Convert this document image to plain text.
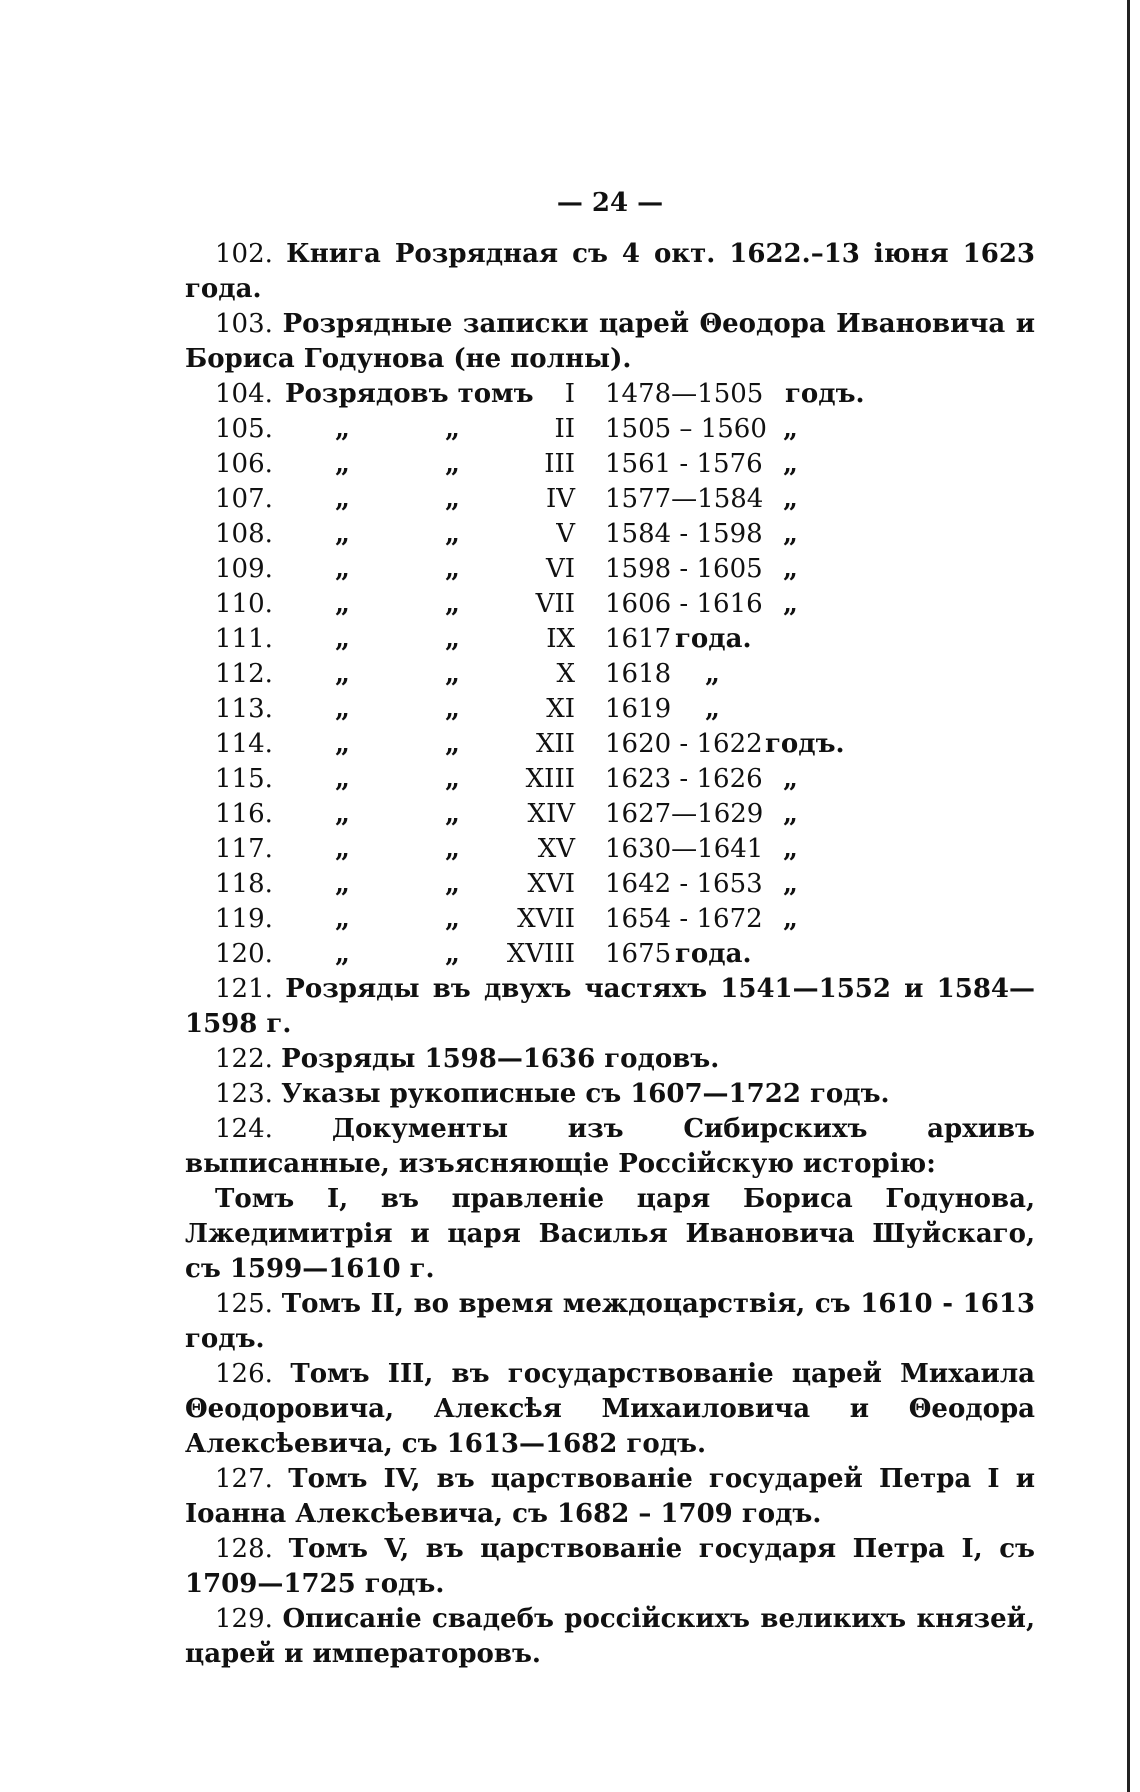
— 24 —

102. Книга Розрядная съ 4 окт. 1622.–13 іюня 1623 года.

103. Розрядные записки царей Θеодора Ивановича и Бориса Годунова (не полны).

104. Розрядовъ томъ I 1478—1505 годъ.
105. „	„	II 1505 – 1560 „
106. „	„	III 1561 - 1576 „
107. „	„	IV 1577—1584 „
108. „	„	V 1584 - 1598 „
109. „	„	VI 1598 - 1605 „
110. „	„	VII 1606 - 1616 „
111. „	„	IX 1617 года.
112. „	„	X 1618 „
113. „	„	XI 1619 „
114. „	„	XII 1620 - 1622 годъ.
115. „	„	XIII 1623 - 1626 „
116. „	„	XIV 1627—1629 „
117. „	„	XV 1630—1641 „
118. „	„	XVI 1642 - 1653 „
119. „	„ XVII 1654 - 1672 „
120. „	„ XVIII 1675 года.

121. Розряды въ двухъ частяхъ 1541—1552 и 1584—1598 г.

122. Розряды 1598—1636 годовъ.

123. Указы рукописные съ 1607—1722 годъ.

124. Документы изъ Сибирскихъ архивъ выписанные, изъясняющіе Россійскую исторію:

Томъ I, въ правленіе царя Бориса Годунова, Лжедимитрія и царя Василья Ивановича Шуйскаго, съ 1599—1610 г.

125. Томъ II, во время междоцарствія, съ 1610 - 1613 годъ.

126. Томъ III, въ государствованіе царей Михаила Θеодоровича, Алексѣя Михаиловича и Θеодора Алексѣевича, съ 1613—1682 годъ.

127. Томъ IV, въ царствованіе государей Петра I и Іоанна Алексѣевича, съ 1682 – 1709 годъ.

128. Томъ V, въ царствованіе государя Петра I, съ 1709—1725 годъ.

129. Описаніе свадебъ россійскихъ великихъ князей, царей и императоровъ.
